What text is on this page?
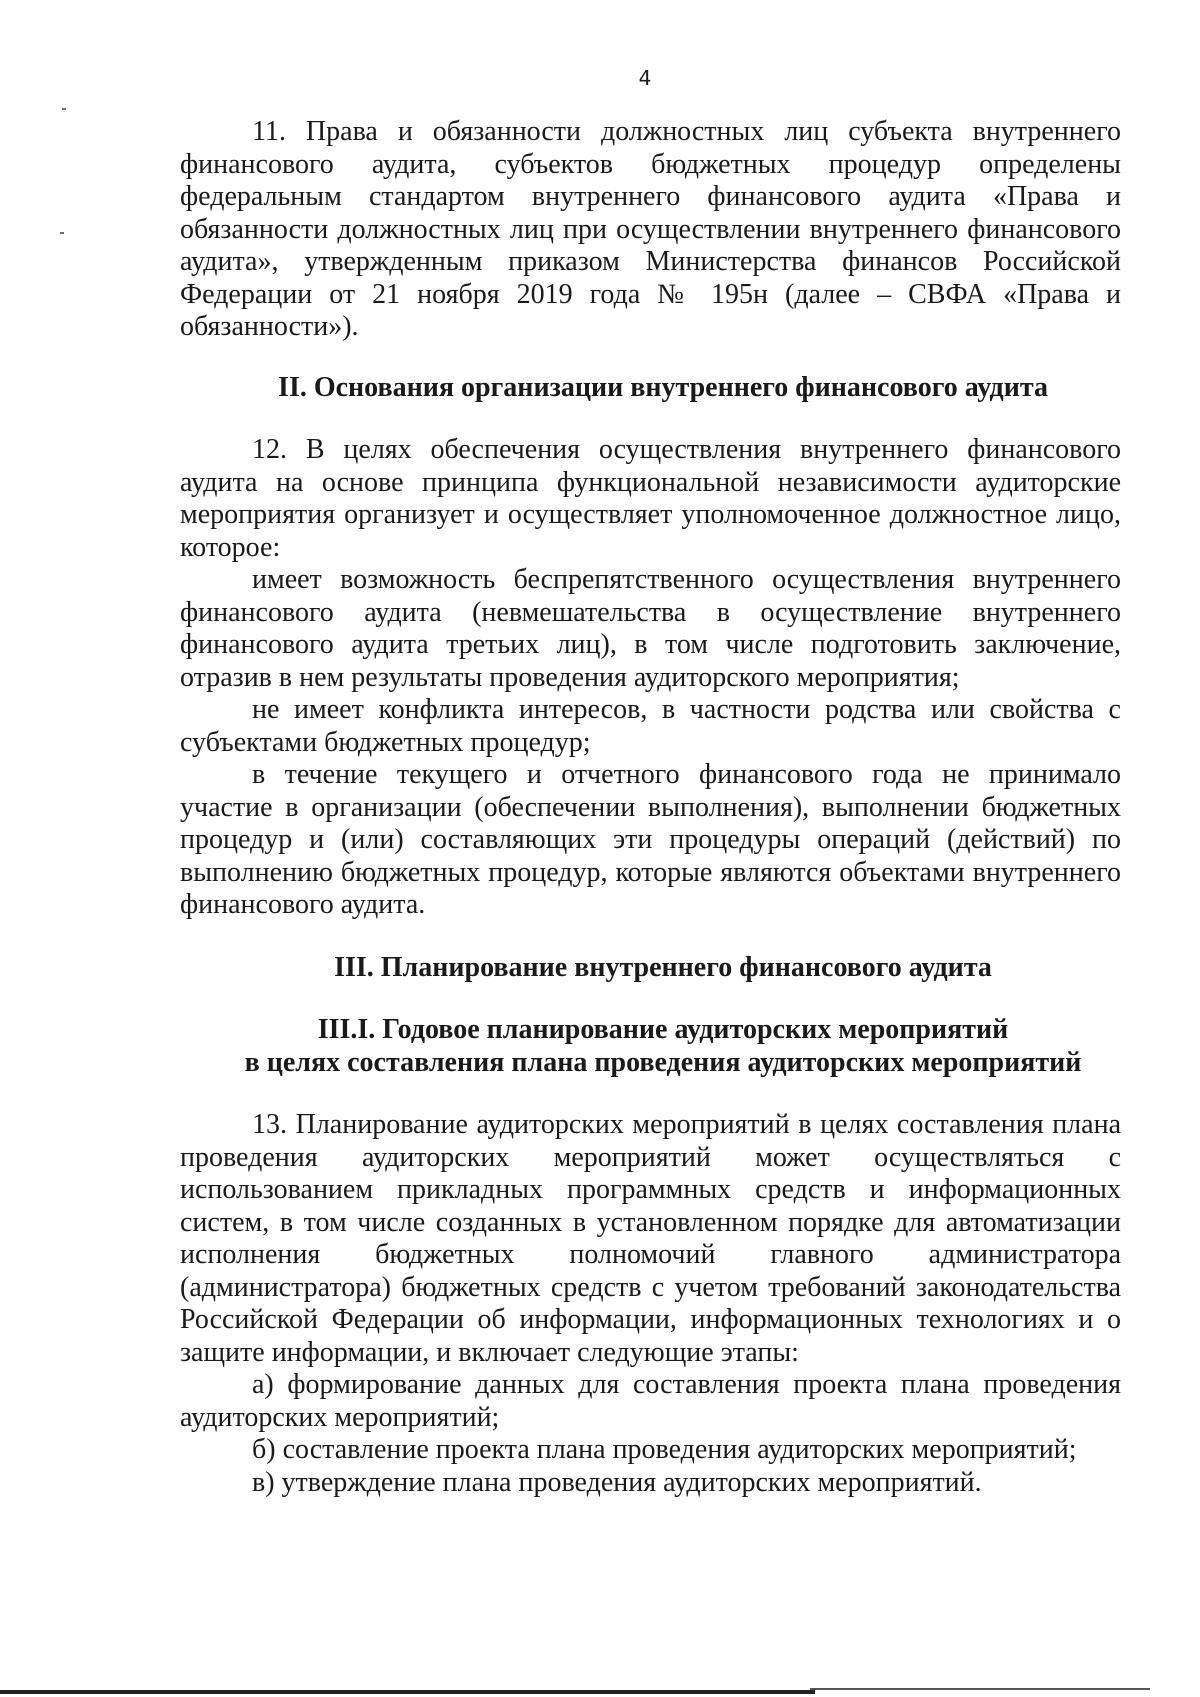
4

11. Права и обязанности должностных лиц субъекта внутреннего финансового аудита, субъектов бюджетных процедур определены федеральным стандартом внутреннего финансового аудита «Права и обязанности должностных лиц при осуществлении внутреннего финансового аудита», утвержденным приказом Министерства финансов Российской Федерации от 21 ноября 2019 года № 195н (далее – СВФА «Права и обязанности»).

II. Основания организации внутреннего финансового аудита

12. В целях обеспечения осуществления внутреннего финансового аудита на основе принципа функциональной независимости аудиторские мероприятия организует и осуществляет уполномоченное должностное лицо, которое:

имеет возможность беспрепятственного осуществления внутреннего финансового аудита (невмешательства в осуществление внутреннего финансового аудита третьих лиц), в том числе подготовить заключение, отразив в нем результаты проведения аудиторского мероприятия;

не имеет конфликта интересов, в частности родства или свойства с субъектами бюджетных процедур;

в течение текущего и отчетного финансового года не принимало участие в организации (обеспечении выполнения), выполнении бюджетных процедур и (или) составляющих эти процедуры операций (действий) по выполнению бюджетных процедур, которые являются объектами внутреннего финансового аудита.

III. Планирование внутреннего финансового аудита

III.I. Годовое планирование аудиторских мероприятий
в целях составления плана проведения аудиторских мероприятий

13. Планирование аудиторских мероприятий в целях составления плана проведения аудиторских мероприятий может осуществляться с использованием прикладных программных средств и информационных систем, в том числе созданных в установленном порядке для автоматизации исполнения бюджетных полномочий главного администратора (администратора) бюджетных средств с учетом требований законодательства Российской Федерации об информации, информационных технологиях и о защите информации, и включает следующие этапы:

а) формирование данных для составления проекта плана проведения аудиторских мероприятий;

б) составление проекта плана проведения аудиторских мероприятий;

в) утверждение плана проведения аудиторских мероприятий.
